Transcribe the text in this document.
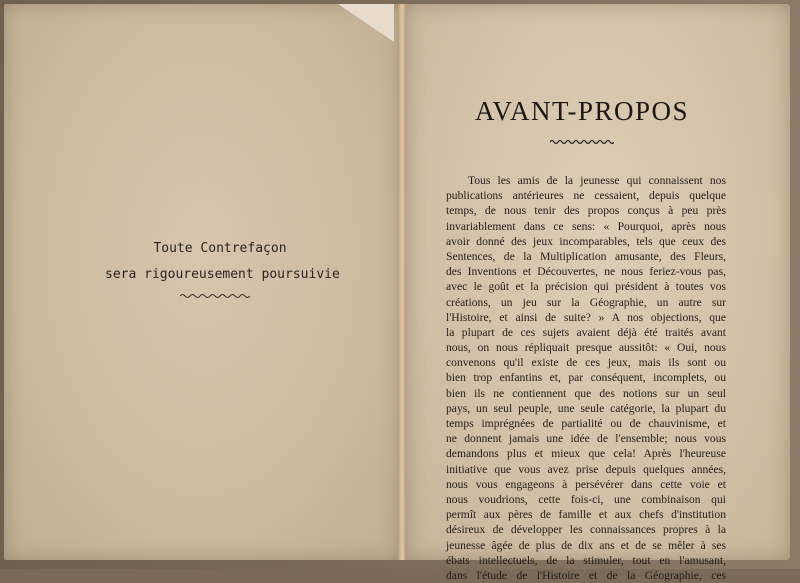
Toute Contrefaçon
sera rigoureusement poursuivie
AVANT-PROPOS
Tous les amis de la jeunesse qui connaissent nos
publications antérieures ne cessaient, depuis quelque
temps, de nous tenir des propos conçus à peu près
invariablement dans ce sens: « Pourquoi, après nous
avoir donné des jeux incomparables, tels que ceux des
Sentences, de la Multiplication amusante, des Fleurs,
des Inventions et Découvertes, ne nous feriez-vous pas,
avec le goût et la précision qui président à toutes vos
créations, un jeu sur la Géographie, un autre sur
l'Histoire, et ainsi de suite? » A nos objections, que
la plupart de ces sujets avaient déjà été traités avant
nous, on nous répliquait presque aussitôt: « Oui, nous
convenons qu'il existe de ces jeux, mais ils sont ou
bien trop enfantins et, par conséquent, incomplets, ou
bien ils ne contiennent que des notions sur un seul
pays, un seul peuple, une seule catégorie, la plupart du
temps imprégnées de partialité ou de chauvinisme, et
ne donnent jamais une idée de l'ensemble; nous vous
demandons plus et mieux que cela! Après l'heureuse
initiative que vous avez prise depuis quelques années,
nous vous engageons à persévérer dans cette voie et
nous voudrions, cette fois-ci, une combinaison qui
permît aux pères de famille et aux chefs d'institution
désireux de développer les connaissances propres à la
jeunesse âgée de plus de dix ans et de se mêler à ses
ébats intellectuels, de la stimuler, tout en l'amusant,
dans l'étude de l'Histoire et de la Géographie, ces
